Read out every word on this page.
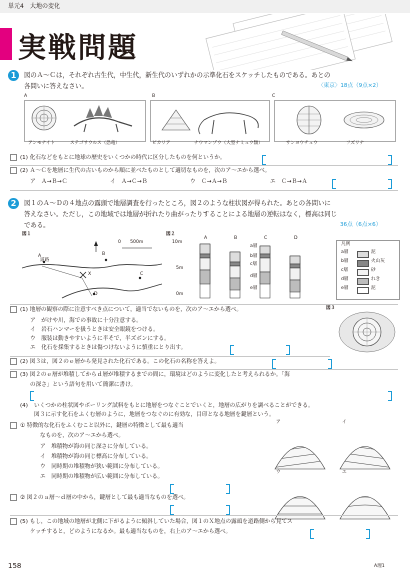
単元4 大地の変化
実戦問題
1	図のＡ～Ｃは，それぞれ古生代，中生代，新生代のいずれかの示準化石をスケッチしたものである。あとの
各問いに答えなさい。	〈東京〉18点（9点×2）
A	B	C
アンモナイト	ステゴサウルス（恐竜）	ビカリア	ナウマンゾウ（大型ナミュウ類）	サンヨウチュウ	フズリナ
(1) 化石などをもとに地球の歴史をいくつかの時代に区分したものを何というか。
(2) Ａ～Ｃを地層に生代の古いものから順に並べたものとして適切なものを，次のア～エから選べ。
ア　Ａ→Ｂ→Ｃ	イ　Ａ→Ｃ→Ｂ	ウ　Ｃ→Ａ→Ｂ	エ　Ｃ→Ｂ→Ａ
2	図１のＡ～Ｄの４地点の露頭で地層調査を行ったところ，図２のような柱状図が得られた。あとの各問いに
答えなさい。ただし，この地域では地層が折れたり曲がったりすることによる地層の逆転はなく，標高は同じ
である。	36点（6点×6）
図１
道路
0　　500m
A	B
C
D
X
図２
10m
5m
0m
A	B	C	D
a層
b層
c層
d層
e層
凡例
a層	泥
b層	火山灰
c層	砂
d層	れき
e層	泥
(1) 地層の観察の際に注意すべき点について，適当でないものを，次のア～エから選べ。	図３
ア　がけや川，海での事故に十分注意する。
イ　岩石ハンマーを扱うときは安全眼鏡をつける。
ウ　服装は動きやすいように半そで，半ズボンにする。
エ　化石を採集するときは傷つけないように慎重にとり出す。
(2) 図３は，図２のｅ層から発見された化石である。この化石の名称を答えよ。
(3) 図２のｅ層が堆積してからｄ層が堆積するまでの間に，環境はどのように変化したと考えられるか。「海
の深さ」という語句を用いて簡潔に書け。
(4) いくつかの柱状図やボーリング試料をもとに地層をつなぐことでいくと，地層の広がりを調べることができる。
図３に示す化石をふくむ層のように，地層をつなぐのに有効な，目印となる地層を鍵層という。
① 特徴的な化石をふくむこと以外に，鍵層の特徴として最も適当
なものを，次のア～エから選べ。
ア　堆積物が海の同じ深さに分布している。
イ　堆積物が海の同じ標高に分布している。
ウ　同時期の堆積物が狭い範囲に分布している。
エ　同時期の堆積物が広い範囲に分布している。
② 図２のａ層～ｄ層の中から，鍵層として最も適当なものを選べ。
ア	イ
ウ	エ
(5) もし，この地域の地層が北側に下がるように傾斜していた場合，図１のＸ地点の露頭を道路側から見てス
ケッチすると，どのようになるか。最も適当なものを，右上のア～エから選べ。
158	A理1
